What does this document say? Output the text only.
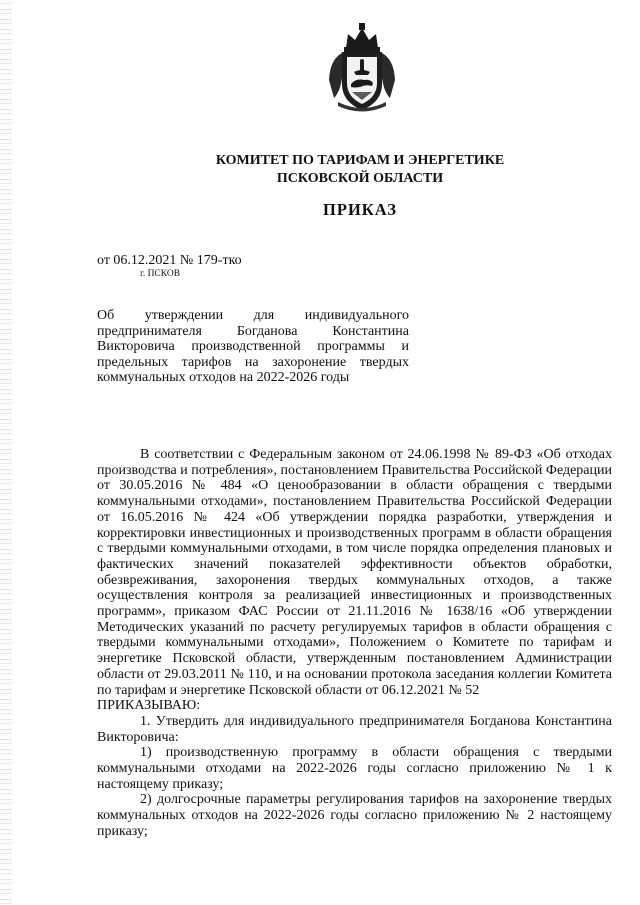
КОМИТЕТ ПО ТАРИФАМ И ЭНЕРГЕТИКЕ
ПСКОВСКОЙ ОБЛАСТИ
ПРИКАЗ
от 06.12.2021 № 179-тко
г. ПСКОВ
Об утверждении для индивидуального предпринимателя Богданова Константина Викторовича производственной программы и предельных тарифов на захоронение твердых коммунальных отходов на 2022-2026 годы

В соответствии с Федеральным законом от 24.06.1998 № 89-ФЗ «Об отходах производства и потребления», постановлением Правительства Российской Федерации от 30.05.2016 № 484 «О ценообразовании в области обращения с твердыми коммунальными отходами», постановлением Правительства Российской Федерации от 16.05.2016 № 424 «Об утверждении порядка разработки, утверждения и корректировки инвестиционных и производственных программ в области обращения с твердыми коммунальными отходами, в том числе порядка определения плановых и фактических значений показателей эффективности объектов обработки, обезвреживания, захоронения твердых коммунальных отходов, а также осуществления контроля за реализацией инвестиционных и производственных программ», приказом ФАС России от 21.11.2016 № 1638/16 «Об утверждении Методических указаний по расчету регулируемых тарифов в области обращения с твердыми коммунальными отходами», Положением о Комитете по тарифам и энергетике Псковской области, утвержденным постановлением Администрации области от 29.03.2011 № 110, и на основании протокола заседания коллегии Комитета по тарифам и энергетике Псковской области от 06.12.2021 № 52

ПРИКАЗЫВАЮ:

1. Утвердить для индивидуального предпринимателя Богданова Константина Викторовича:

1) производственную программу в области обращения с твердыми коммунальными отходами на 2022-2026 годы согласно приложению № 1 к настоящему приказу;

2) долгосрочные параметры регулирования тарифов на захоронение твердых коммунальных отходов на 2022-2026 годы согласно приложению № 2 настоящему приказу;
